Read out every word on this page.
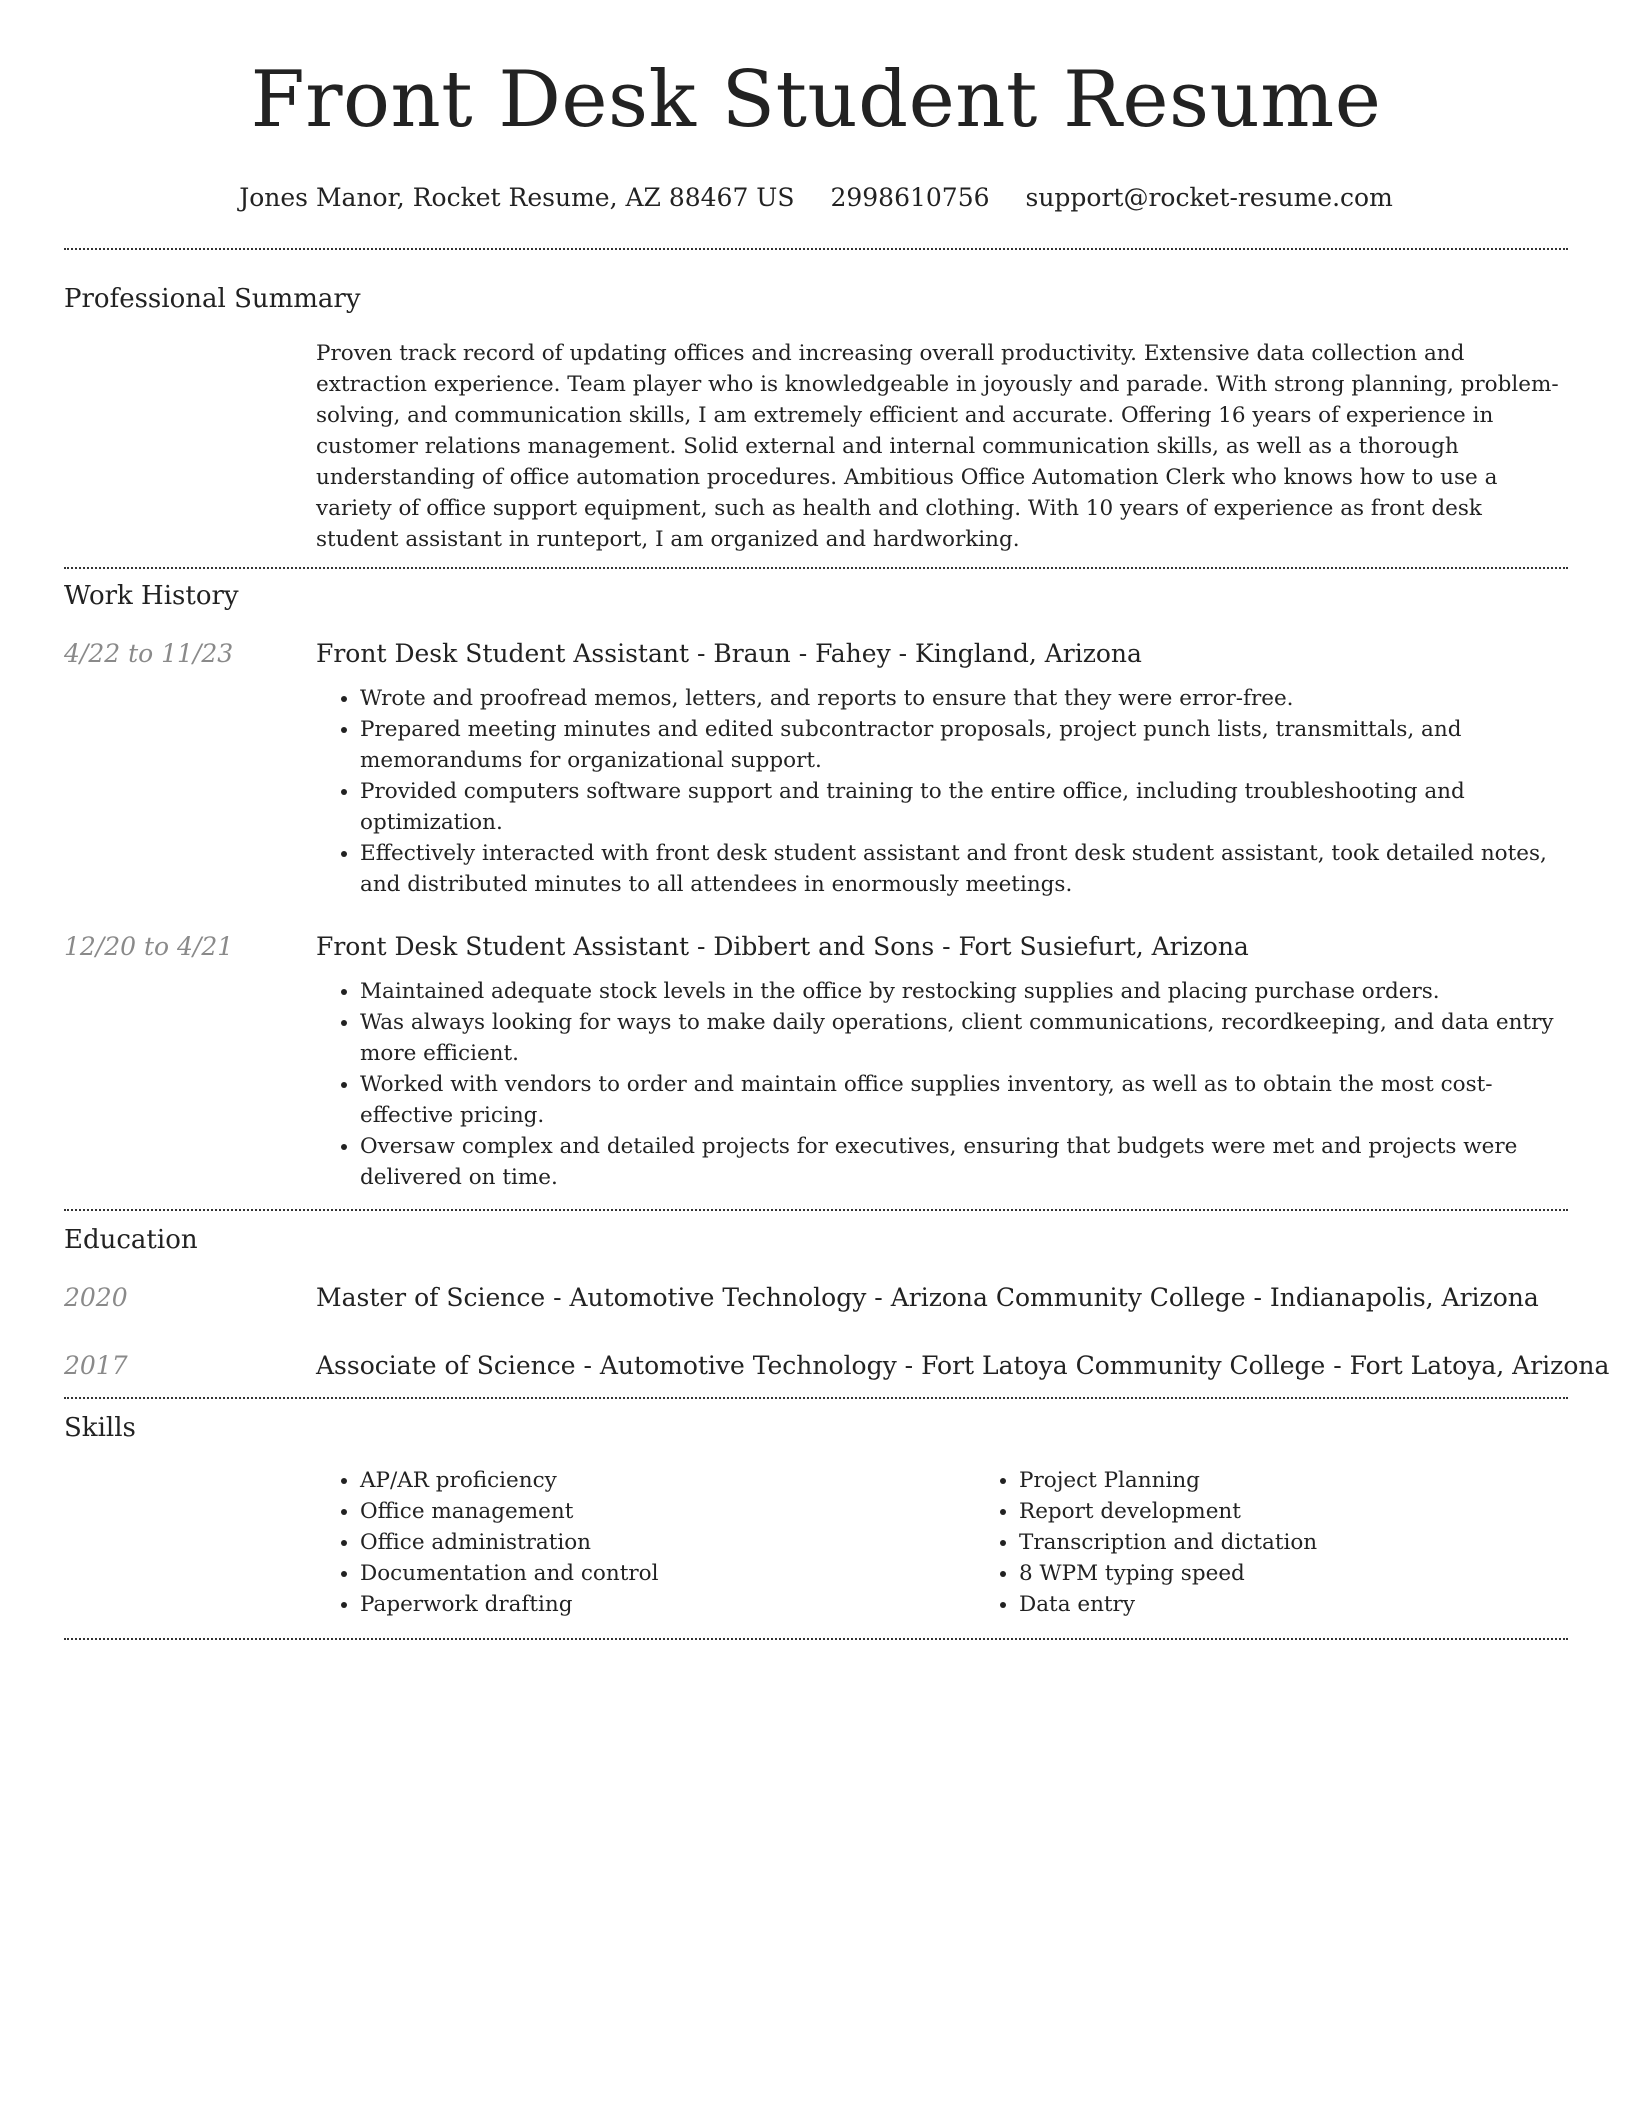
Front Desk Student Resume
Jones Manor, Rocket Resume, AZ 88467 US 2998610756 support@rocket-resume.com
Professional Summary

Proven track record of updating offices and increasing overall productivity. Extensive data collection and extraction experience. Team player who is knowledgeable in joyously and parade. With strong planning, problem-solving, and communication skills, I am extremely efficient and accurate. Offering 16 years of experience in customer relations management. Solid external and internal communication skills, as well as a thorough understanding of office automation procedures. Ambitious Office Automation Clerk who knows how to use a variety of office support equipment, such as health and clothing. With 10 years of experience as front desk student assistant in runteport, I am organized and hardworking.

Work History
4/22 to 11/23	Front Desk Student Assistant - Braun - Fahey - Kingland, Arizona

• Wrote and proofread memos, letters, and reports to ensure that they were error-free.
• Prepared meeting minutes and edited subcontractor proposals, project punch lists, transmittals, and memorandums for organizational support.
• Provided computers software support and training to the entire office, including troubleshooting and optimization.
• Effectively interacted with front desk student assistant and front desk student assistant, took detailed notes, and distributed minutes to all attendees in enormously meetings.
12/20 to 4/21	Front Desk Student Assistant - Dibbert and Sons - Fort Susiefurt, Arizona

• Maintained adequate stock levels in the office by restocking supplies and placing purchase orders.
• Was always looking for ways to make daily operations, client communications, recordkeeping, and data entry more efficient.
• Worked with vendors to order and maintain office supplies inventory, as well as to obtain the most cost-effective pricing.
• Oversaw complex and detailed projects for executives, ensuring that budgets were met and projects were delivered on time.
Education
2020	Master of Science - Automotive Technology - Arizona Community College - Indianapolis, Arizona

2017	Associate of Science - Automotive Technology - Fort Latoya Community College - Fort Latoya, Arizona

Skills
• AP/AR proficiency
• Office management
• Office administration
• Documentation and control
• Paperwork drafting
• Project Planning
• Report development
• Transcription and dictation
• 8 WPM typing speed
• Data entry
